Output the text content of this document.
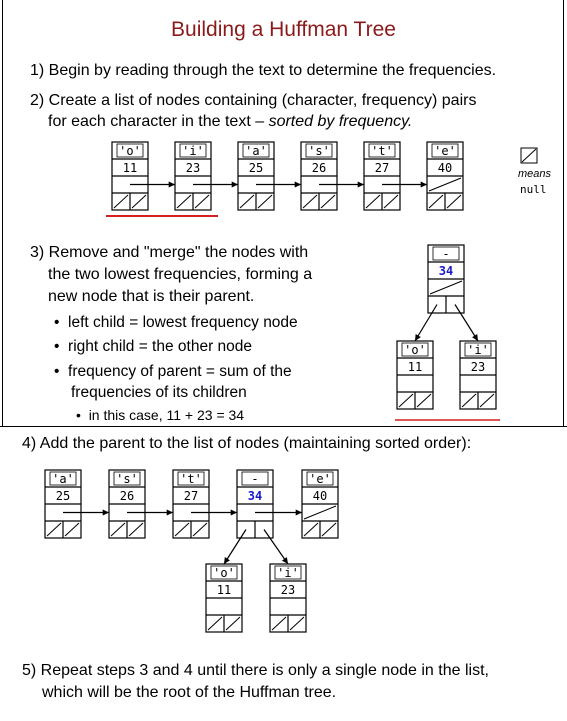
Building a Huffman Tree
1) Begin by reading through the text to determine the frequencies.
2) Create a list of nodes containing (character, frequency) pairs
for each character in the text – sorted by frequency.
means
null
3) Remove and "merge" the nodes with
the two lowest frequencies, forming a
new node that is their parent.
•  left child = lowest frequency node
•  right child = the other node
•  frequency of parent = sum of the
frequencies of its children
•  in this case, 11 + 23 = 34
4) Add the parent to the list of nodes (maintaining sorted order):
5) Repeat steps 3 and 4 until there is only a single node in the list,
which will be the root of the Huffman tree.
'o'
11
'i'
23
'a'
25
's'
26
't'
27
'e'
40
-
34
'o'
11
'i'
23
'a'
25
's'
26
't'
27
-
34
'e'
40
'o'
11
'i'
23
